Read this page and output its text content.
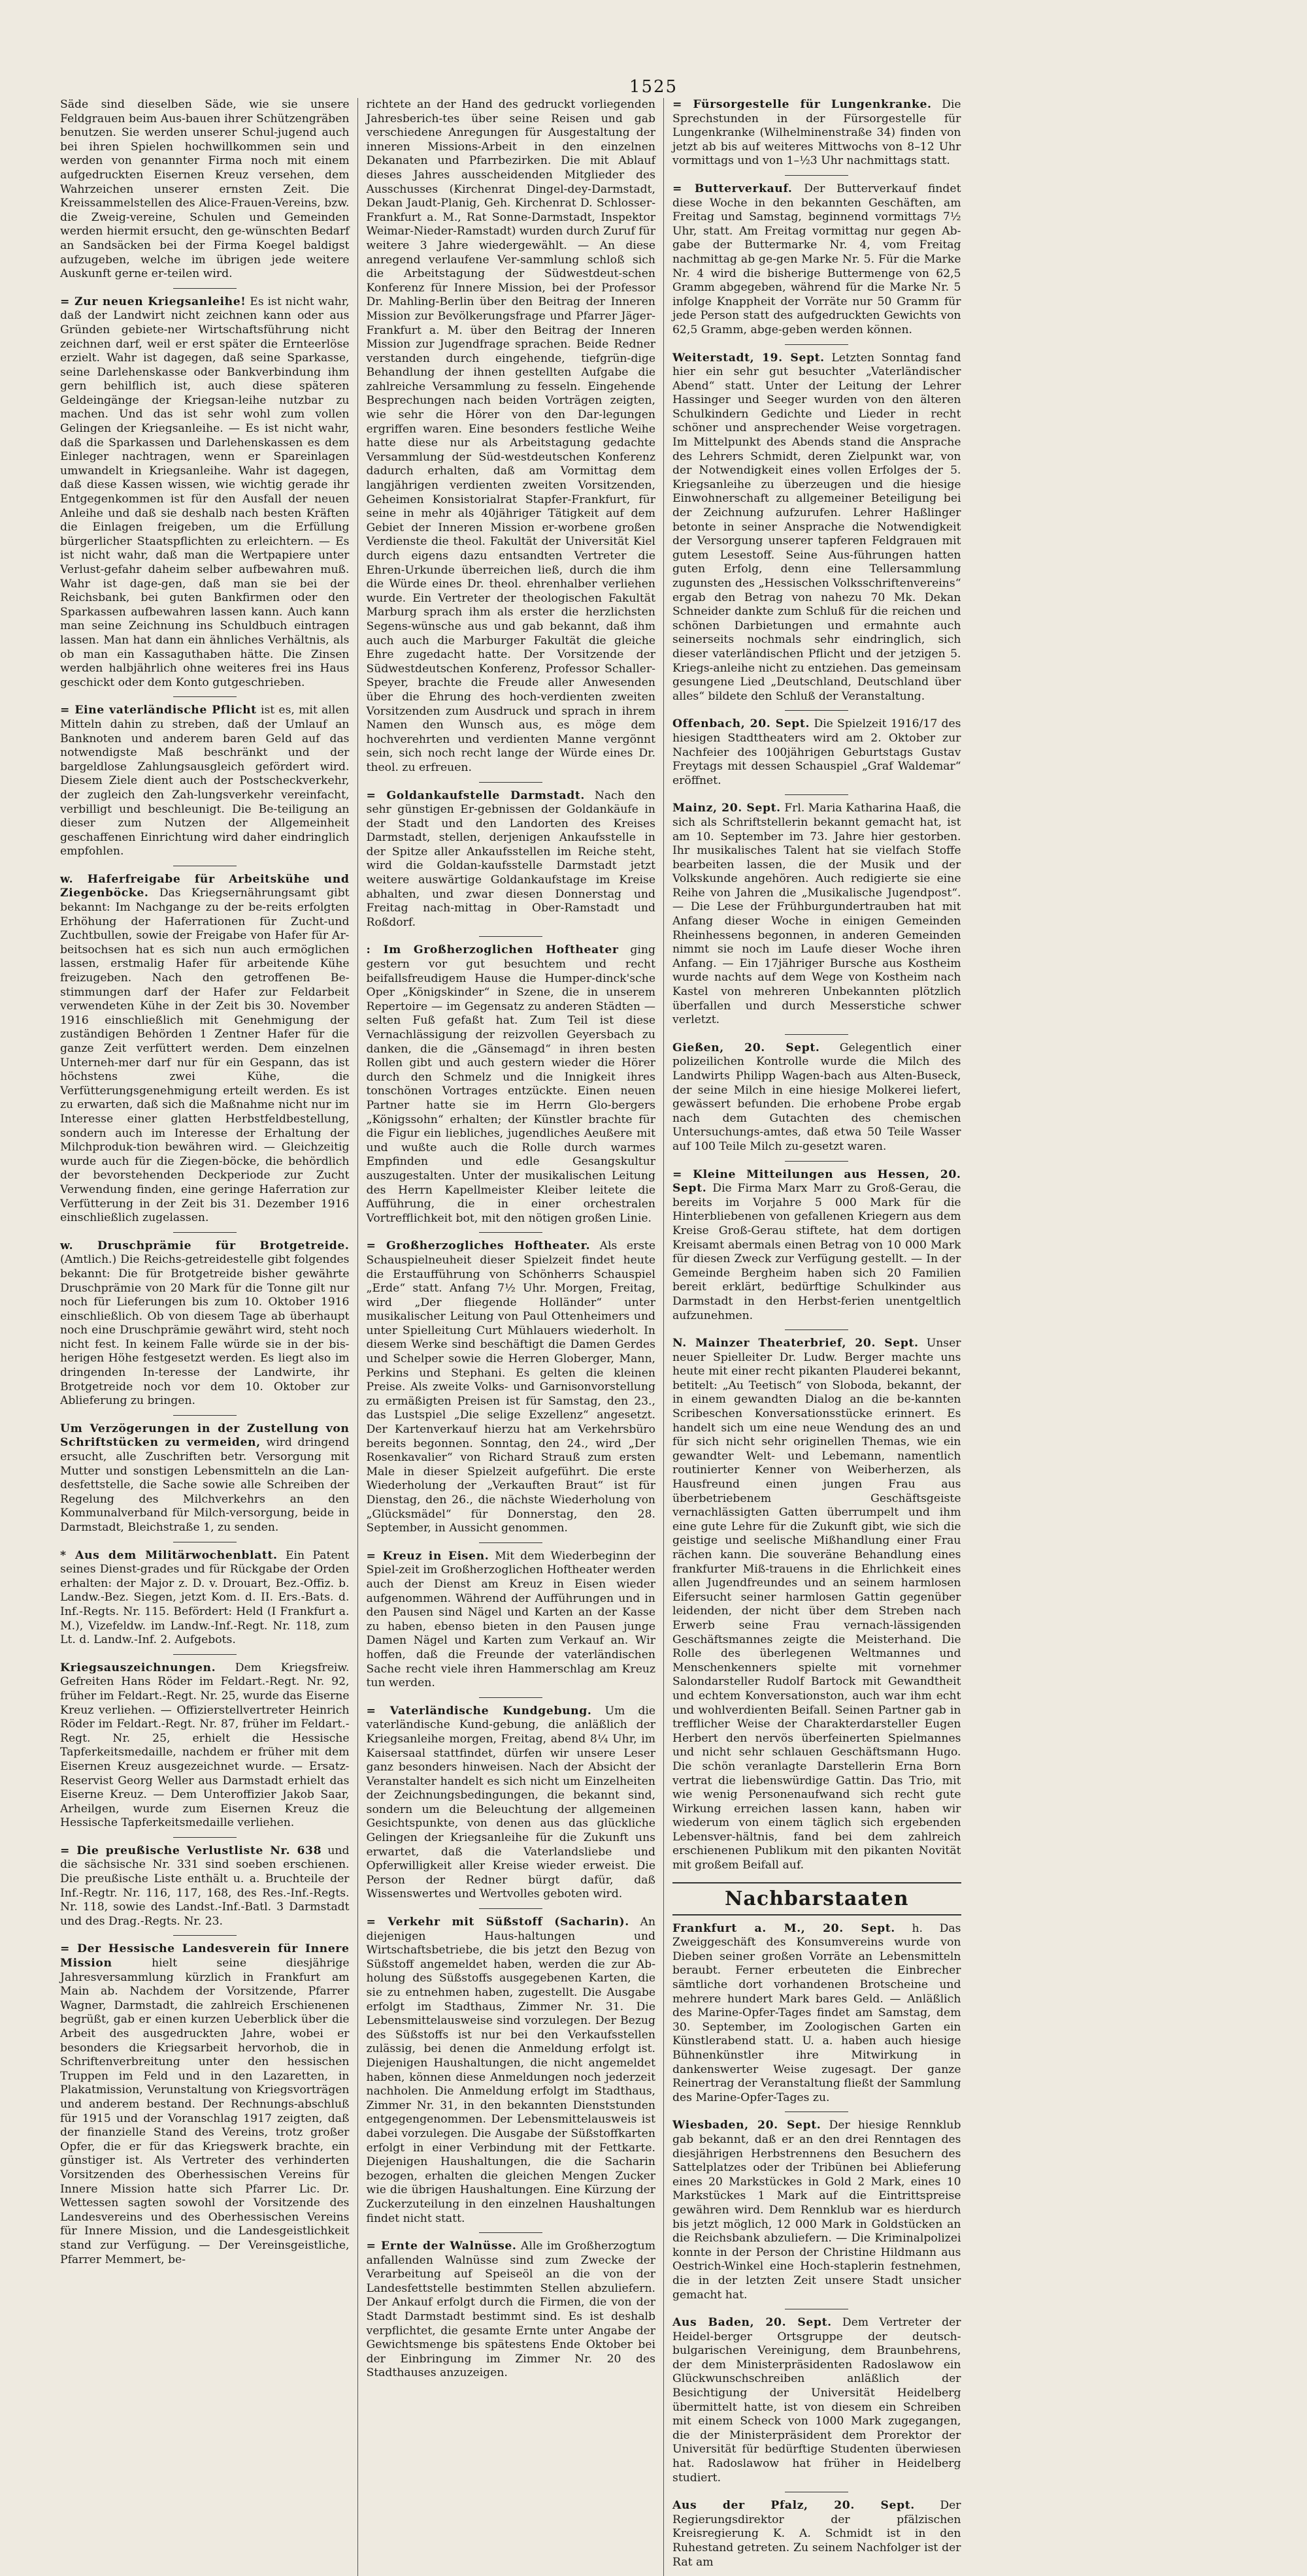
1525
Säde sind dieselben Säde, wie sie unsere Feldgrauen beim Aus-bauen ihrer Schützengräben benutzen. Sie werden unserer Schul-jugend auch bei ihren Spielen hochwillkommen sein und werden von genannter Firma noch mit einem aufgedruckten Eisernen Kreuz versehen, dem Wahrzeichen unserer ernsten Zeit. Die Kreissammelstellen des Alice-Frauen-Vereins, bzw. die Zweig-vereine, Schulen und Gemeinden werden hiermit ersucht, den ge-wünschten Bedarf an Sandsäcken bei der Firma Koegel baldigst aufzugeben, welche im übrigen jede weitere Auskunft gerne er-teilen wird.
= Zur neuen Kriegsanleihe! Es ist nicht wahr, daß der Landwirt nicht zeichnen kann oder aus Gründen gebiete-ner Wirtschaftsführung nicht zeichnen darf, weil er erst später die Ernteerlöse erzielt. Wahr ist dagegen, daß seine Sparkasse, seine Darlehenskasse oder Bankverbindung ihm gern behilflich ist, auch diese späteren Geldeingänge der Kriegsan-leihe nutzbar zu machen. Und das ist sehr wohl zum vollen Gelingen der Kriegsanleihe. — Es ist nicht wahr, daß die Sparkassen und Darlehenskassen es dem Einleger nachtragen, wenn er Spareinlagen umwandelt in Kriegsanleihe. Wahr ist dagegen, daß diese Kassen wissen, wie wichtig gerade ihr Entgegenkommen ist für den Ausfall der neuen Anleihe und daß sie deshalb nach besten Kräften die Einlagen freigeben, um die Erfüllung bürgerlicher Staatspflichten zu erleichtern. — Es ist nicht wahr, daß man die Wertpapiere unter Verlust-gefahr daheim selber aufbewahren muß. Wahr ist dage-gen, daß man sie bei der Reichsbank, bei guten Bankfirmen oder den Sparkassen aufbewahren lassen kann. Auch kann man seine Zeichnung ins Schuldbuch eintragen lassen. Man hat dann ein ähnliches Verhältnis, als ob man ein Kassaguthaben hätte. Die Zinsen werden halbjährlich ohne weiteres frei ins Haus geschickt oder dem Konto gutgeschrieben.
= Eine vaterländische Pflicht ist es, mit allen Mitteln dahin zu streben, daß der Umlauf an Banknoten und anderem baren Geld auf das notwendigste Maß beschränkt und der bargeldlose Zahlungsausgleich gefördert wird. Diesem Ziele dient auch der Postscheckverkehr, der zugleich den Zah-lungsverkehr vereinfacht, verbilligt und beschleunigt. Die Be-teiligung an dieser zum Nutzen der Allgemeinheit geschaffenen Einrichtung wird daher eindringlich empfohlen.
w. Haferfreigabe für Arbeitskühe und Ziegenböcke. Das Kriegsernährungsamt gibt bekannt: Im Nachgange zu der be-reits erfolgten Erhöhung der Haferrationen für Zucht-und Zuchtbullen, sowie der Freigabe von Hafer für Ar-beitsochsen hat es sich nun auch ermöglichen lassen, erstmalig Hafer für arbeitende Kühe freizugeben. Nach den getroffenen Be-stimmungen darf der Hafer zur Feldarbeit verwendeten Kühe in der Zeit bis 30. November 1916 einschließlich mit Genehmigung der zuständigen Behörden 1 Zentner Hafer für die ganze Zeit verfüttert werden. Dem einzelnen Unterneh-mer darf nur für ein Gespann, das ist höchstens zwei Kühe, die Verfütterungsgenehmigung erteilt werden. Es ist zu erwarten, daß sich die Maßnahme nicht nur im Interesse einer glatten Herbstfeldbestellung, sondern auch im Interesse der Erhaltung der Milchproduk-tion bewähren wird. — Gleichzeitig wurde auch für die Ziegen-böcke, die behördlich der bevorstehenden Deckperiode zur Zucht Verwendung finden, eine geringe Haferration zur Verfütterung in der Zeit bis 31. Dezember 1916 einschließlich zugelassen.
w. Druschprämie für Brotgetreide. (Amtlich.) Die Reichs-getreidestelle gibt folgendes bekannt: Die für Brotgetreide bisher gewährte Druschprämie von 20 Mark für die Tonne gilt nur noch für Lieferungen bis zum 10. Oktober 1916 einschließlich. Ob von diesem Tage ab überhaupt noch eine Druschprämie gewährt wird, steht noch nicht fest. In keinem Falle würde sie in der bis-herigen Höhe festgesetzt werden. Es liegt also im dringenden In-teresse der Landwirte, ihr Brotgetreide noch vor dem 10. Oktober zur Ablieferung zu bringen.
Um Verzögerungen in der Zustellung von Schriftstücken zu vermeiden, wird dringend ersucht, alle Zuschriften betr. Versorgung mit Mutter und sonstigen Lebensmitteln an die Lan-desfettstelle, die Sache sowie alle Schreiben der Regelung des Milchverkehrs an den Kommunalverband für Milch-versorgung, beide in Darmstadt, Bleichstraße 1, zu senden.
* Aus dem Militärwochenblatt. Ein Patent seines Dienst-grades und für Rückgabe der Orden erhalten: der Major z. D. v. Drouart, Bez.-Offiz. b. Landw.-Bez. Siegen, jetzt Kom. d. II. Ers.-Bats. d. Inf.-Regts. Nr. 115. Befördert: Held (I Frankfurt a. M.), Vizefeldw. im Landw.-Inf.-Regt. Nr. 118, zum Lt. d. Landw.-Inf. 2. Aufgebots.
Kriegsauszeichnungen. Dem Kriegsfreiw. Gefreiten Hans Röder im Feldart.-Regt. Nr. 92, früher im Feldart.-Regt. Nr. 25, wurde das Eiserne Kreuz verliehen. — Offizierstellvertreter Heinrich Röder im Feldart.-Regt. Nr. 87, früher im Feldart.-Regt. Nr. 25, erhielt die Hessische Tapferkeitsmedaille, nachdem er früher mit dem Eisernen Kreuz ausgezeichnet wurde. — Ersatz-Reservist Georg Weller aus Darmstadt erhielt das Eiserne Kreuz. — Dem Unteroffizier Jakob Saar, Arheilgen, wurde zum Eisernen Kreuz die Hessische Tapferkeitsmedaille verliehen.
= Die preußische Verlustliste Nr. 638 und die sächsische Nr. 331 sind soeben erschienen. Die preußische Liste enthält u. a. Bruchteile der Inf.-Regtr. Nr. 116, 117, 168, des Res.-Inf.-Regts. Nr. 118, sowie des Landst.-Inf.-Batl. 3 Darmstadt und des Drag.-Regts. Nr. 23.
= Der Hessische Landesverein für Innere Mission	hielt seine diesjährige Jahresversammlung kürzlich in Frankfurt am Main ab. Nachdem der Vorsitzende, Pfarrer Wagner, Darmstadt, die zahlreich Erschienenen begrüßt, gab er einen kurzen Ueberblick über die Arbeit des ausgedruckten Jahre, wobei er besonders die Kriegsarbeit hervorhob, die in Schriftenverbreitung unter den hessischen Truppen im Feld und in den Lazaretten, in Plakatmission, Verunstaltung von Kriegsvorträgen und anderem bestand. Der Rechnungs-abschluß für 1915 und der Voranschlag 1917 zeigten, daß der finanzielle Stand des Vereins, trotz großer Opfer, die er für das Kriegswerk brachte, ein günstiger ist. Als Vertreter des verhinderten Vorsitzenden des Oberhessischen Vereins für Innere Mission hatte sich Pfarrer Lic. Dr. Wettessen sagten sowohl der Vorsitzende des Landesvereins und des Oberhessischen Vereins für Innere Mission, und die Landesgeistlichkeit stand zur Verfügung. — Der Vereinsgeistliche, Pfarrer Memmert, be-
richtete an der Hand des gedruckt vorliegenden Jahresberich-tes über seine Reisen und gab verschiedene Anregungen für Ausgestaltung der inneren Missions-Arbeit in den einzelnen Dekanaten und Pfarrbezirken. Die mit Ablauf dieses Jahres ausscheidenden Mitglieder des Ausschusses (Kirchenrat Dingel-dey-Darmstadt, Dekan Jaudt-Planig, Geh. Kirchenrat D. Schlosser-Frankfurt a. M., Rat Sonne-Darmstadt, Inspektor Weimar-Nieder-Ramstadt) wurden durch Zuruf für weitere 3 Jahre wiedergewählt. — An diese anregend verlaufene Ver-sammlung schloß sich die Arbeitstagung der Südwestdeut-schen Konferenz für Innere Mission, bei der Professor Dr. Mahling-Berlin über den Beitrag der Inneren Mission zur Bevölkerungsfrage und Pfarrer Jäger-Frankfurt a. M. über den Beitrag der Inneren Mission zur Jugendfrage sprachen. Beide Redner verstanden durch eingehende, tiefgrün-dige Behandlung der ihnen gestellten Aufgabe die zahlreiche Versammlung zu fesseln. Eingehende Besprechungen nach beiden Vorträgen zeigten, wie sehr die Hörer von den Dar-legungen ergriffen waren. Eine besonders festliche Weihe hatte diese nur als Arbeitstagung gedachte Versammlung der Süd-westdeutschen Konferenz dadurch erhalten, daß am Vormittag dem langjährigen verdienten zweiten Vorsitzenden, Geheimen Konsistorialrat Stapfer-Frankfurt, für seine in mehr als 40jähriger Tätigkeit auf dem Gebiet der Inneren Mission er-worbene großen Verdienste die theol. Fakultät der Universität Kiel durch eigens dazu entsandten Vertreter die Ehren-Urkunde überreichen ließ, durch die ihm die Würde eines Dr. theol. ehrenhalber verliehen wurde. Ein Vertreter der theologischen Fakultät Marburg sprach ihm als erster die herzlichsten Segens-wünsche aus und gab bekannt, daß ihm auch auch die Marburger Fakultät die gleiche Ehre zugedacht hatte. Der Vorsitzende der Südwestdeutschen Konferenz, Professor Schaller-Speyer, brachte die Freude aller Anwesenden über die Ehrung des hoch-verdienten zweiten Vorsitzenden zum Ausdruck und sprach in ihrem Namen den Wunsch aus, es möge dem hochverehrten und verdienten Manne vergönnt sein, sich noch recht lange der Würde eines Dr. theol. zu erfreuen.
= Goldankaufstelle Darmstadt. Nach den sehr günstigen Er-gebnissen der Goldankäufe in der Stadt und den Landorten des Kreises Darmstadt, stellen, derjenigen Ankaufsstelle in der Spitze aller Ankaufsstellen im Reiche steht, wird die Goldan-kaufsstelle Darmstadt jetzt weitere auswärtige Goldankaufstage im Kreise abhalten, und zwar diesen Donnerstag und Freitag nach-mittag in Ober-Ramstadt und Roßdorf.
: Im Großherzoglichen Hoftheater ging gestern vor gut besuchtem und recht beifallsfreudigem Hause die Humper-dinck'sche Oper „Königskinder“ in Szene, die in unserem Repertoire — im Gegensatz zu anderen Städten — selten Fuß gefaßt hat. Zum Teil ist diese Vernachlässigung der reizvollen Geyersbach zu danken, die die „Gänsemagd“ in ihren besten Rollen gibt und auch gestern wieder die Hörer durch den Schmelz und die Innigkeit ihres tonschönen Vortrages entzückte. Einen neuen Partner hatte sie im Herrn Glo-bergers „Königssohn“ erhalten; der Künstler brachte für die Figur ein liebliches, jugendliches Aeußere mit und wußte auch die Rolle durch warmes Empfinden und edle Gesangskultur auszugestalten. Unter der musikalischen Leitung des Herrn Kapellmeister Kleiber leitete die Aufführung, die in einer orchestralen Vortrefflichkeit bot, mit den nötigen großen Linie.
= Großherzogliches Hoftheater. Als erste Schauspielneuheit dieser Spielzeit findet heute die Erstaufführung von Schönherrs Schauspiel „Erde“ statt. Anfang 7½ Uhr. Morgen, Freitag, wird „Der fliegende Holländer“ unter musikalischer Leitung von Paul Ottenheimers und unter Spielleitung Curt Mühlauers wiederholt. In diesem Werke sind beschäftigt die Damen Gerdes und Schelper sowie die Herren Globerger, Mann, Perkins und Stephani. Es gelten die kleinen Preise. Als zweite Volks- und Garnisonvorstellung zu ermäßigten Preisen ist für Samstag, den 23., das Lustspiel „Die selige Exzellenz“ angesetzt. Der Kartenverkauf hierzu hat am Verkehrsbüro bereits begonnen. Sonntag, den 24., wird „Der Rosenkavalier“ von Richard Strauß zum ersten Male in dieser Spielzeit aufgeführt. Die erste Wiederholung der „Verkauften Braut“ ist für Dienstag, den 26., die nächste Wiederholung von „Glücksmädel“ für Donnerstag, den 28. September, in Aussicht genommen.
= Kreuz in Eisen. Mit dem Wiederbeginn der Spiel-zeit im Großherzoglichen Hoftheater werden auch der Dienst am Kreuz in Eisen wieder aufgenommen. Während der Aufführungen und in den Pausen sind Nägel und Karten an der Kasse zu haben, ebenso bieten in den Pausen junge Damen Nägel und Karten zum Verkauf an. Wir hoffen, daß die Freunde der vaterländischen Sache recht viele ihren Hammerschlag am Kreuz tun werden.
= Vaterländische Kundgebung. Um die vaterländische Kund-gebung, die anläßlich der Kriegsanleihe morgen, Freitag, abend 8¼ Uhr, im Kaisersaal stattfindet, dürfen wir unsere Leser ganz besonders hinweisen. Nach der Absicht der Veranstalter handelt es sich nicht um Einzelheiten der Zeichnungsbedingungen, die bekannt sind, sondern um die Beleuchtung der allgemeinen Gesichtspunkte, von denen aus das glückliche Gelingen der Kriegsanleihe für die Zukunft uns erwartet, daß die Vaterlandsliebe und Opferwilligkeit aller Kreise wieder erweist. Die Person der Redner bürgt dafür, daß Wissenswertes und Wertvolles geboten wird.
= Verkehr mit Süßstoff (Sacharin). An diejenigen Haus-haltungen und Wirtschaftsbetriebe, die bis jetzt den Bezug von Süßstoff angemeldet haben, werden die zur Ab-holung des Süßstoffs ausgegebenen Karten, die sie zu entnehmen haben, zugestellt. Die Ausgabe erfolgt im Stadthaus, Zimmer Nr. 31. Die Lebensmittelausweise sind vorzulegen. Der Bezug des Süßstoffs ist nur bei den Verkaufsstellen zulässig, bei denen die Anmeldung erfolgt ist. Diejenigen Haushaltungen, die nicht angemeldet haben, können diese Anmeldungen noch jederzeit nachholen. Die Anmeldung erfolgt im Stadthaus, Zimmer Nr. 31, in den bekannten Dienststunden entgegengenommen. Der Lebensmittelausweis ist dabei vorzulegen. Die Ausgabe der Süßstoffkarten erfolgt in einer Verbindung mit der Fettkarte. Diejenigen Haushaltungen, die die Sacharin bezogen, erhalten die gleichen Mengen Zucker wie die übrigen Haushaltungen. Eine Kürzung der Zuckerzuteilung in den einzelnen Haushaltungen findet nicht statt.
= Ernte der Walnüsse. Alle im Großherzogtum anfallenden Walnüsse sind zum Zwecke der Verarbeitung auf Speiseöl an die von der Landesfettstelle bestimmten Stellen abzuliefern. Der Ankauf erfolgt durch die Firmen, die von der Stadt Darmstadt bestimmt sind. Es ist deshalb verpflichtet, die gesamte Ernte unter Angabe der Gewichtsmenge bis spätestens Ende Oktober bei der Einbringung im Zimmer Nr. 20 des Stadthauses anzuzeigen.
= Fürsorgestelle für Lungenkranke. Die Sprechstunden in der Fürsorgestelle für Lungenkranke (Wilhelminenstraße 34) finden von jetzt ab bis auf weiteres Mittwochs von 8–12 Uhr vormittags und von 1–½3 Uhr nachmittags statt.
= Butterverkauf. Der Butterverkauf findet diese Woche in den bekannten Geschäften, am Freitag und Samstag, beginnend vormittags 7½ Uhr, statt. Am Freitag vormittag nur gegen Ab-gabe der Buttermarke Nr. 4, vom Freitag nachmittag ab ge-gen Marke Nr. 5. Für die Marke Nr. 4 wird die bisherige Buttermenge von 62,5 Gramm abgegeben, während für die Marke Nr. 5 infolge Knappheit der Vorräte nur 50 Gramm für jede Person statt des aufgedruckten Gewichts von 62,5 Gramm, abge-geben werden können.
Weiterstadt, 19. Sept. Letzten Sonntag fand hier ein sehr gut besuchter „Vaterländischer Abend“ statt. Unter der Leitung der Lehrer Hassinger und Seeger wurden von den älteren Schulkindern Gedichte und Lieder in recht schöner und ansprechender Weise vorgetragen. Im Mittelpunkt des Abends stand die Ansprache des Lehrers Schmidt, deren Zielpunkt war, von der Notwendigkeit eines vollen Erfolges der 5. Kriegsanleihe zu überzeugen und die hiesige Einwohnerschaft zu allgemeiner Beteiligung bei der Zeichnung aufzurufen. Lehrer Haßlinger betonte in seiner Ansprache die Notwendigkeit der Versorgung unserer tapferen Feldgrauen mit gutem Lesestoff. Seine Aus-führungen hatten guten Erfolg, denn eine Tellersammlung zugunsten des „Hessischen Volksschriftenvereins“ ergab den Betrag von nahezu 70 Mk. Dekan Schneider dankte zum Schluß für die reichen und schönen Darbietungen und ermahnte auch seinerseits nochmals sehr eindringlich, sich dieser vaterländischen Pflicht und der jetzigen 5. Kriegs-anleihe nicht zu entziehen. Das gemeinsam gesungene Lied „Deutschland, Deutschland über alles“ bildete den Schluß der Veranstaltung.
Offenbach, 20. Sept. Die Spielzeit 1916/17 des hiesigen Stadttheaters wird am 2. Oktober zur Nachfeier des 100jährigen Geburtstags Gustav Freytags mit dessen Schauspiel „Graf Waldemar“ eröffnet.
Mainz, 20. Sept. Frl. Maria Katharina Haaß, die sich als Schriftstellerin bekannt gemacht hat, ist am 10. September im 73. Jahre hier gestorben. Ihr musikalisches Talent hat sie vielfach Stoffe bearbeiten lassen, die der Musik und der Volkskunde angehören. Auch redigierte sie eine Reihe von Jahren die „Musikalische Jugendpost“. — Die Lese der Frühburgundertrauben hat mit Anfang dieser Woche in einigen Gemeinden Rheinhessens begonnen, in anderen Gemeinden nimmt sie noch im Laufe dieser Woche ihren Anfang. — Ein 17jähriger Bursche aus Kostheim wurde nachts auf dem Wege von Kostheim nach Kastel von mehreren Unbekannten plötzlich überfallen und durch Messerstiche schwer verletzt.
Gießen, 20. Sept. Gelegentlich einer polizeilichen Kontrolle wurde die Milch des Landwirts Philipp Wagen-bach aus Alten-Buseck, der seine Milch in eine hiesige Molkerei liefert, gewässert befunden. Die erhobene Probe ergab nach dem Gutachten des chemischen Untersuchungs-amtes, daß etwa 50 Teile Wasser auf 100 Teile Milch zu-gesetzt waren.
= Kleine Mitteilungen aus Hessen, 20. Sept. Die Firma Marx Marr zu Groß-Gerau, die bereits im Vorjahre 5 000 Mark für die Hinterbliebenen von gefallenen Kriegern aus dem Kreise Groß-Gerau stiftete, hat dem dortigen Kreisamt abermals einen Betrag von 10 000 Mark für diesen Zweck zur Verfügung gestellt. — In der Gemeinde Bergheim haben sich 20 Familien bereit erklärt, bedürftige Schulkinder aus Darmstadt in den Herbst-ferien unentgeltlich aufzunehmen.
N. Mainzer Theaterbrief, 20. Sept. Unser neuer Spielleiter Dr. Ludw. Berger machte uns heute mit einer recht pikanten Plauderei bekannt, betitelt: „Au Teetisch“ von Sloboda, bekannt, der in einem gewandten Dialog an die be-kannten Scribeschen Konversationsstücke erinnert. Es handelt sich um eine neue Wendung des an und für sich nicht sehr originellen Themas, wie ein gewandter Welt- und Lebemann, namentlich routinierter Kenner von Weiberherzen, als Hausfreund einen jungen Frau aus überbetriebenem Geschäftsgeiste vernachlässigten Gatten überrumpelt und ihm eine gute Lehre für die Zukunft gibt, wie sich die geistige und seelische Mißhandlung einer Frau rächen kann. Die souveräne Behandlung eines frankfurter Miß-trauens in die Ehrlichkeit eines allen Jugendfreundes und an seinem harmlosen Eifersucht seiner harmlosen Gattin gegenüber leidenden, der nicht über dem Streben nach Erwerb seine Frau vernach-lässigenden Geschäftsmannes zeigte die Meisterhand. Die Rolle des überlegenen Weltmannes und Menschenkenners spielte mit vornehmer Salondarsteller Rudolf Bartock mit Gewandtheit und echtem Konversationston, auch war ihm echt und wohlverdienten Beifall. Seinen Partner gab in trefflicher Weise der Charakterdarsteller Eugen Herbert den nervös überfeinerten Spielmannes und nicht sehr schlauen Geschäftsmann Hugo. Die schön veranlagte Darstellerin Erna Born vertrat die liebenswürdige Gattin. Das Trio, mit wie wenig Personenaufwand sich recht gute Wirkung erreichen lassen kann, haben wir wiederum von einem täglich sich ergebenden Lebensver-hältnis, fand bei dem zahlreich erschienenen Publikum mit den pikanten Novität mit großem Beifall auf.
Nachbarstaaten
Frankfurt a. M., 20. Sept. h. Das Zweiggeschäft des Konsumvereins wurde von Dieben seiner großen Vorräte an Lebensmitteln beraubt. Ferner erbeuteten die Einbrecher sämtliche dort vorhandenen Brotscheine und mehrere hundert Mark bares Geld. — Anläßlich des Marine-Opfer-Tages findet am Samstag, dem 30. September, im Zoologischen Garten ein Künstlerabend statt. U. a. haben auch hiesige Bühnenkünstler ihre Mitwirkung in dankenswerter Weise zugesagt. Der ganze Reinertrag der Veranstaltung fließt der Sammlung des Marine-Opfer-Tages zu.
Wiesbaden, 20. Sept. Der hiesige Rennklub gab bekannt, daß er an den drei Renntagen des diesjährigen Herbstrennens den Besuchern des Sattelplatzes oder der Tribünen bei Ablieferung eines 20 Markstückes in Gold 2 Mark, eines 10 Markstückes 1 Mark auf die Eintrittspreise gewähren wird. Dem Rennklub war es hierdurch bis jetzt möglich, 12 000 Mark in Goldstücken an die Reichsbank abzuliefern. — Die Kriminalpolizei konnte in der Person der Christine Hildmann aus Oestrich-Winkel eine Hoch-staplerin festnehmen, die in der letzten Zeit unsere Stadt unsicher gemacht hat.
Aus Baden, 20. Sept. Dem Vertreter der Heidel-berger Ortsgruppe der deutsch-bulgarischen Vereinigung, dem Braunbehrens, der dem Ministerpräsidenten Radoslawow ein Glückwunschschreiben anläßlich der Besichtigung der Universität Heidelberg übermittelt hatte, ist von diesem ein Schreiben mit einem Scheck von 1000 Mark zugegangen, die der Ministerpräsident dem Prorektor der Universität für bedürftige Studenten überwiesen hat. Radoslawow hat früher in Heidelberg studiert.
Aus der Pfalz, 20. Sept. Der Regierungsdirektor der pfälzischen Kreisregierung K. A. Schmidt ist in den Ruhestand getreten. Zu seinem Nachfolger ist der Rat am
